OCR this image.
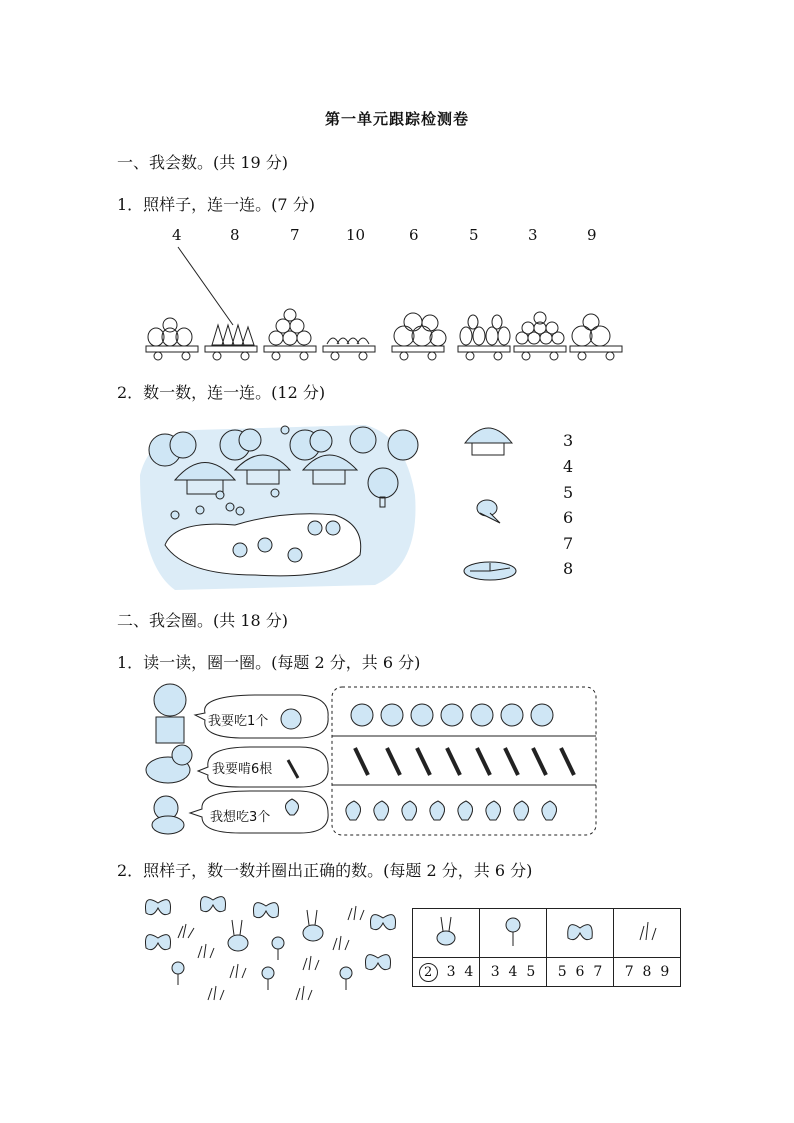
第一单元跟踪检测卷
一、我会数。(共 19 分)
1．照样子，连一连。(7 分)
4	8	7	10	6	5	3	9
2．数一数，连一连。(12 分)
3
4
5
6
7
8
二、我会圈。(共 18 分)
1．读一读，圈一圈。(每题 2 分，共 6 分)
我要吃1个
我要啃6根
我想吃3个
2．照样子，数一数并圈出正确的数。(每题 2 分，共 6 分)

2 3 4	3 4 5	5 6 7	7 8 9
